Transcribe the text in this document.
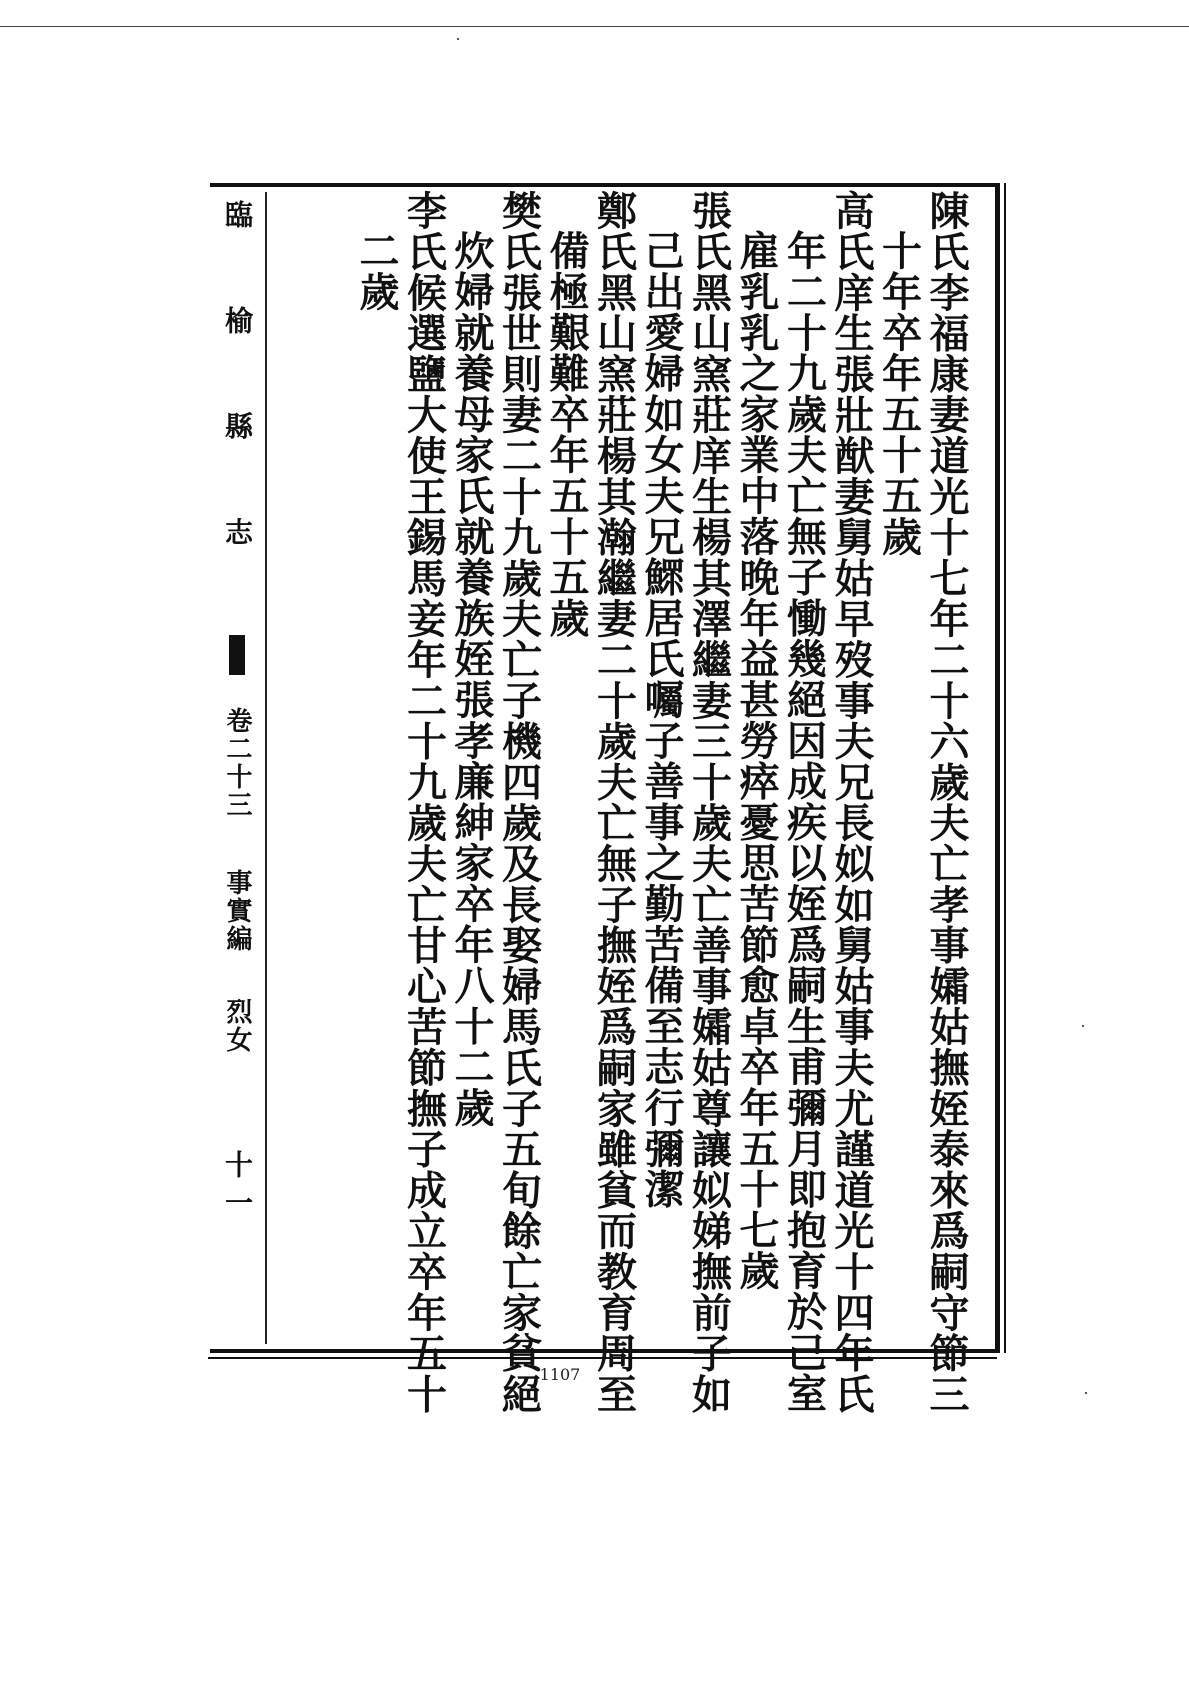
臨 榆 縣 志  卷二十三 事實編 烈女 十一	陳氏李福康妻道光十七年二十六歲夫亡孝事孀姑撫姪泰來爲嗣守節三
十年卒年五十五歲
高氏庠生張壯猷妻舅姑早歿事夫兄長姒如舅姑事夫尤謹道光十四年氏
年二十九歲夫亡無子慟幾絕因成疾以姪爲嗣生甫彌月即抱育於己室
雇乳乳之家業中落晚年益甚勞瘁憂思苦節愈卓卒年五十七歲
張氏黑山窯莊庠生楊其澤繼妻三十歲夫亡善事孀姑尊讓姒娣撫前子如
己出愛婦如女夫兄鰥居氏囑子善事之勤苦備至志行彌潔
鄭氏黑山窯莊楊其瀚繼妻二十歲夫亡無子撫姪爲嗣家雖貧而教育周至
備極艱難卒年五十五歲
樊氏張世則妻二十九歲夫亡子機四歲及長娶婦馬氏子五旬餘亡家貧絕
炊婦就養母家氏就養族姪張孝廉紳家卒年八十二歲
李氏候選鹽大使王錫馬妾年二十九歲夫亡甘心苦節撫子成立卒年五十
二歲
1107
